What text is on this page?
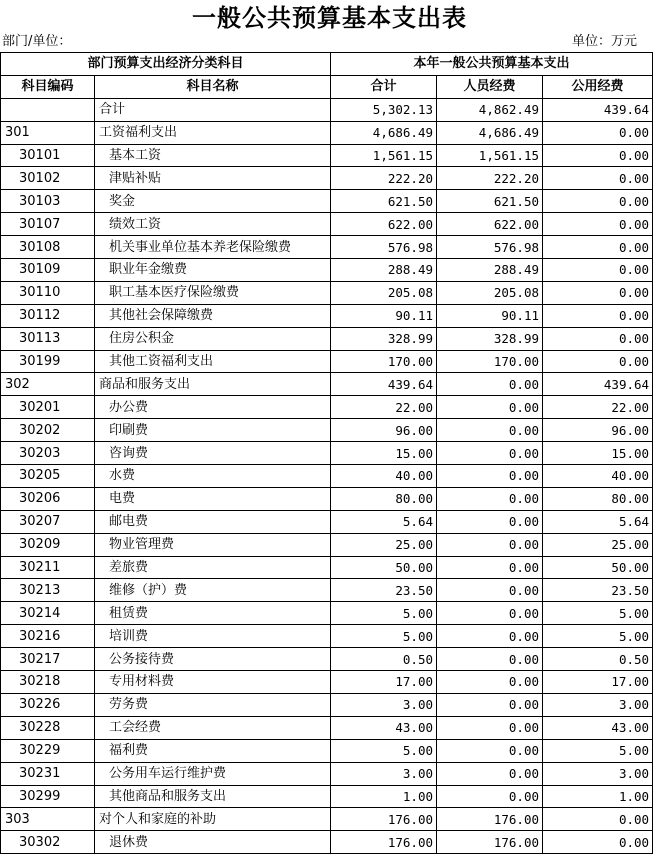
一般公共预算基本支出表
部门/单位：	单位：万元
部门预算支出经济分类科目		本年一般公共预算基本支出		
科目编码	科目名称	合计	人员经费	公用经费
	合计	5,302.13	4,862.49	439.64
301	工资福利支出	4,686.49	4,686.49	0.00
30101	基本工资	1,561.15	1,561.15	0.00
30102	津贴补贴	222.20	222.20	0.00
30103	奖金	621.50	621.50	0.00
30107	绩效工资	622.00	622.00	0.00
30108	机关事业单位基本养老保险缴费	576.98	576.98	0.00
30109	职业年金缴费	288.49	288.49	0.00
30110	职工基本医疗保险缴费	205.08	205.08	0.00
30112	其他社会保障缴费	90.11	90.11	0.00
30113	住房公积金	328.99	328.99	0.00
30199	其他工资福利支出	170.00	170.00	0.00
302	商品和服务支出	439.64	0.00	439.64
30201	办公费	22.00	0.00	22.00
30202	印刷费	96.00	0.00	96.00
30203	咨询费	15.00	0.00	15.00
30205	水费	40.00	0.00	40.00
30206	电费	80.00	0.00	80.00
30207	邮电费	5.64	0.00	5.64
30209	物业管理费	25.00	0.00	25.00
30211	差旅费	50.00	0.00	50.00
30213	维修（护）费	23.50	0.00	23.50
30214	租赁费	5.00	0.00	5.00
30216	培训费	5.00	0.00	5.00
30217	公务接待费	0.50	0.00	0.50
30218	专用材料费	17.00	0.00	17.00
30226	劳务费	3.00	0.00	3.00
30228	工会经费	43.00	0.00	43.00
30229	福利费	5.00	0.00	5.00
30231	公务用车运行维护费	3.00	0.00	3.00
30299	其他商品和服务支出	1.00	0.00	1.00
303	对个人和家庭的补助	176.00	176.00	0.00
30302	退休费	176.00	176.00	0.00
